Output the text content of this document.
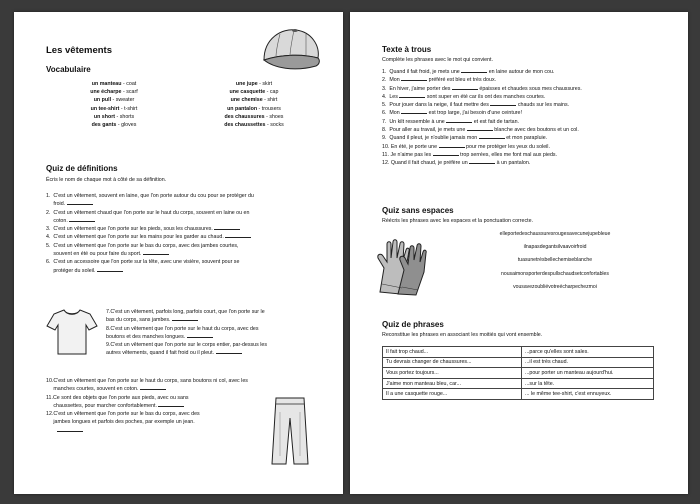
Les vêtements
Vocabulaire
un manteau - coat
une écharpe - scarf
un pull - sweater
un tee-shirt - t-shirt
un short - shorts
des gants - gloves
une jupe - skirt
une casquette - cap
une chemise - shirt
un pantalon - trousers
des chaussures - shoes
des chaussettes - socks
Quiz de définitions
Écris le nom de chaque mot à côté de sa définition.
1.  C'est un vêtement, souvent en laine, que l'on porte autour du cou pour se protéger du
froid.
2.  C'est un vêtement chaud que l'on porte sur le haut du corps, souvent en laine ou en
coton.
3.  C'est un vêtement que l'on porte sur les pieds, sous les chaussures.
4.  C'est un vêtement que l'on porte sur les mains pour les garder au chaud.
5.  C'est un vêtement que l'on porte sur le bas du corps, avec des jambes courtes,
souvent en été ou pour faire du sport.
6.  C'est un accessoire que l'on porte sur la tête, avec une visière, souvent pour se
protéger du soleil.
7.C'est un vêtement, parfois long, parfois court, que l'on porte sur le
bas du corps, sans jambes.
8.C'est un vêtement que l'on porte sur le haut du corps, avec des
boutons et des manches longues.
9.C'est un vêtement que l'on porte sur le corps entier, par-dessus les
autres vêtements, quand il fait froid ou il pleut.
10.C'est un vêtement que l'on porte sur le haut du corps, sans boutons ni col, avec les
manches courtes, souvent en coton.
11.Ce sont des objets que l'on porte aux pieds, avec ou sans
chaussettes, pour marcher confortablement.
12.C'est un vêtement que l'on porte sur le bas du corps, avec des
jambes longues et parfois des poches, par exemple un jean.
Texte à trous
Complète les phrases avec le mot qui convient.
1.  Quand il fait froid, je mets une	en laine autour de mon cou.
2.  Mon	préféré est bleu et très doux.
3.  En hiver, j'aime porter des	épaisses et chaudes sous mes chaussures.
4.  Les	sont super en été car ils ont des manches courtes.
5.  Pour jouer dans la neige, il faut mettre des	chauds sur les mains.
6.  Mon	est trop large, j'ai besoin d'une ceinture!
7.  Un kilt ressemble à une	et est fait de tartan.
8.  Pour aller au travail, je mets une	blanche avec des boutons et un col.
9.  Quand il pleut, je n'oublie jamais mon	et mon parapluie.
10. En été, je porte une	pour me protéger les yeux du soleil.
11. Je n'aime pas les	trop serrées, elles me font mal aux pieds.
12. Quand il fait chaud, je préfère un	à un pantalon.
Quiz sans espaces
Réécris les phrases avec les espaces et la ponctuation correcte.
elleportedeschaussuresrougesavecunejupebleue
ilnapasdegantsilvaavoirfroid
tuasunetrèsbellechemiseblanche
nousaimonsporterdespullschaudsetconfortables
vousavezoubliévotreécharpechezmoi
Quiz de phrases
Reconstitue les phrases en associant les moitiés qui vont ensemble.
Il fait trop chaud...	...parce qu'elles sont sales.
Tu devrais changer de chaussures...	...il est très chaud.
Vous portez toujours...	...pour porter un manteau aujourd'hui.
J'aime mon manteau bleu, car...	...sur la tête.
Il a une casquette rouge...	... le même tee-shirt, c'est ennuyeux.
